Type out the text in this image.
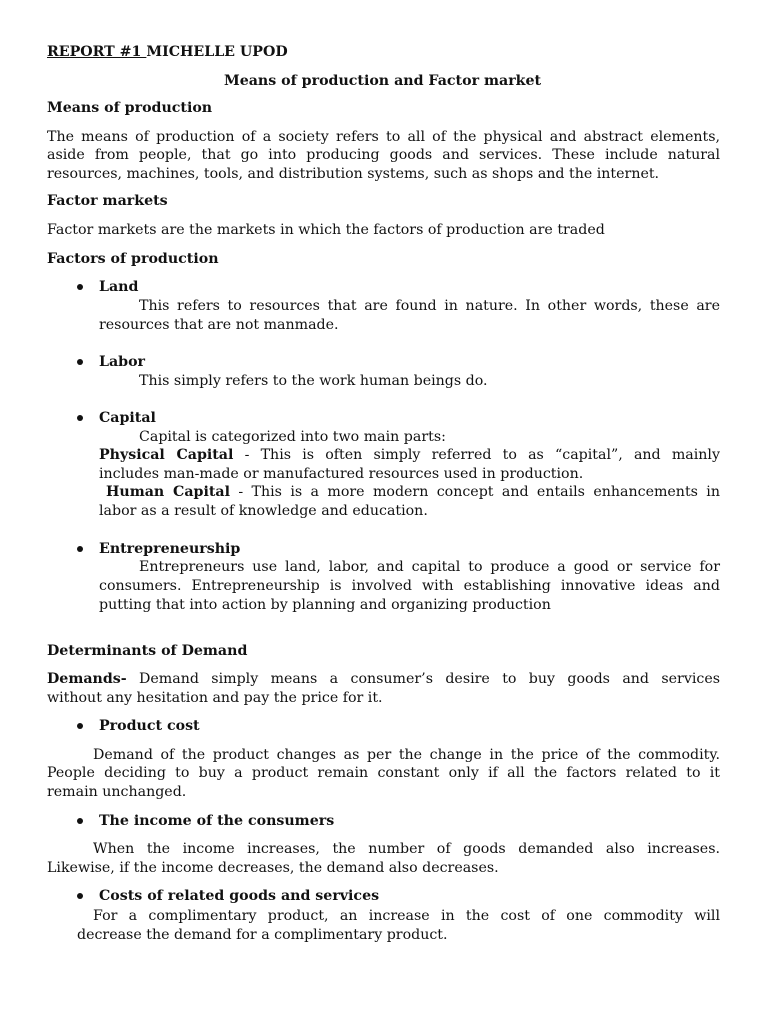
REPORT #1 MICHELLE UPOD
Means of production and Factor market
Means of production
The means of production of a society refers to all of the physical and abstract elements,
aside from people, that go into producing goods and services. These include natural
resources, machines, tools, and distribution systems, such as shops and the internet.
Factor markets
Factor markets are the markets in which the factors of production are traded
Factors of production
Land
This refers to resources that are found in nature. In other words, these are
resources that are not manmade.
Labor
This simply refers to the work human beings do.
Capital
Capital is categorized into two main parts:
Physical Capital - This is often simply referred to as “capital”, and mainly
includes man-made or manufactured resources used in production.
Human Capital - This is a more modern concept and entails enhancements in
labor as a result of knowledge and education.
Entrepreneurship
Entrepreneurs use land, labor, and capital to produce a good or service for
consumers. Entrepreneurship is involved with establishing innovative ideas and
putting that into action by planning and organizing production
Determinants of Demand
Demands- Demand simply means a consumer’s desire to buy goods and services
without any hesitation and pay the price for it.
Product cost
Demand of the product changes as per the change in the price of the commodity.
People deciding to buy a product remain constant only if all the factors related to it
remain unchanged.
The income of the consumers
When the income increases, the number of goods demanded also increases.
Likewise, if the income decreases, the demand also decreases.
Costs of related goods and services
For a complimentary product, an increase in the cost of one commodity will
decrease the demand for a complimentary product.
